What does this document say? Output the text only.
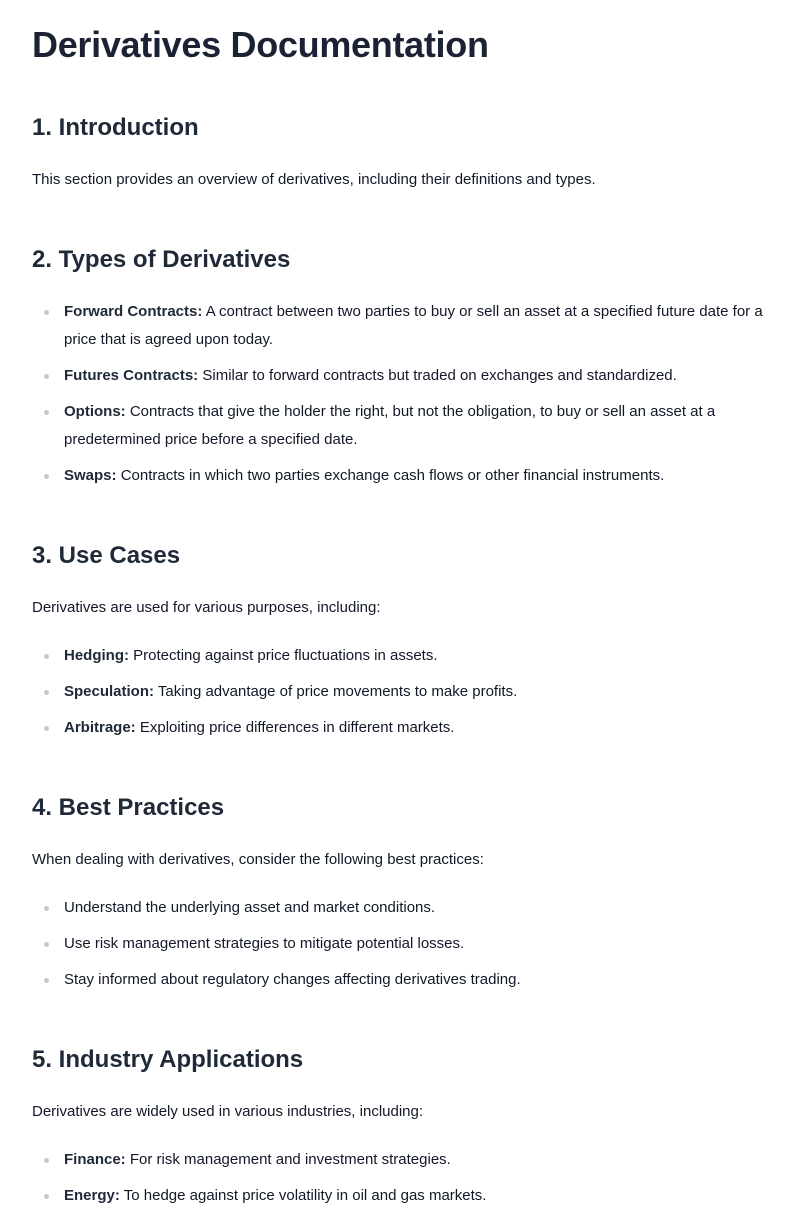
Derivatives Documentation
1. Introduction

This section provides an overview of derivatives, including their definitions and types.

2. Types of Derivatives
Forward Contracts: A contract between two parties to buy or sell an asset at a specified future date for a price that is agreed upon today.
Futures Contracts: Similar to forward contracts but traded on exchanges and standardized.
Options: Contracts that give the holder the right, but not the obligation, to buy or sell an asset at a predetermined price before a specified date.
Swaps: Contracts in which two parties exchange cash flows or other financial instruments.
3. Use Cases

Derivatives are used for various purposes, including:

Hedging: Protecting against price fluctuations in assets.
Speculation: Taking advantage of price movements to make profits.
Arbitrage: Exploiting price differences in different markets.
4. Best Practices

When dealing with derivatives, consider the following best practices:

Understand the underlying asset and market conditions.
Use risk management strategies to mitigate potential losses.
Stay informed about regulatory changes affecting derivatives trading.
5. Industry Applications

Derivatives are widely used in various industries, including:

Finance: For risk management and investment strategies.
Energy: To hedge against price volatility in oil and gas markets.
